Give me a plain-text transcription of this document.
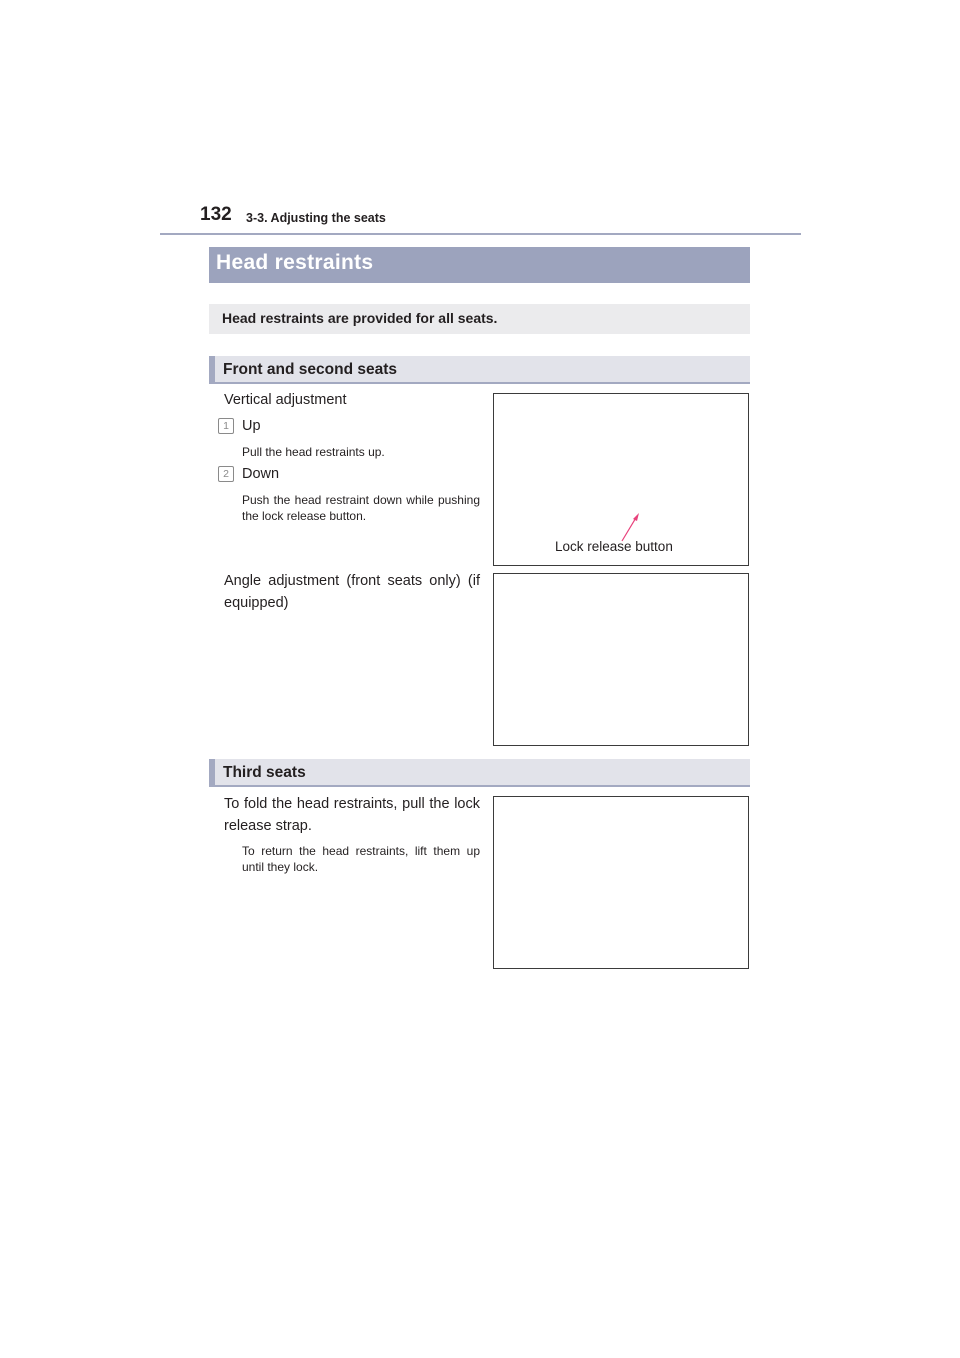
132 3-3. Adjusting the seats
Head restraints
Head restraints are provided for all seats.
Front and second seats
Vertical adjustment
1 Up
Pull the head restraints up.
2 Down
Push the head restraint down while pushing the lock release button.
Lock release button
Angle adjustment (front seats only) (if equipped)
Third seats
To fold the head restraints, pull the lock release strap.
To return the head restraints, lift them up until they lock.
